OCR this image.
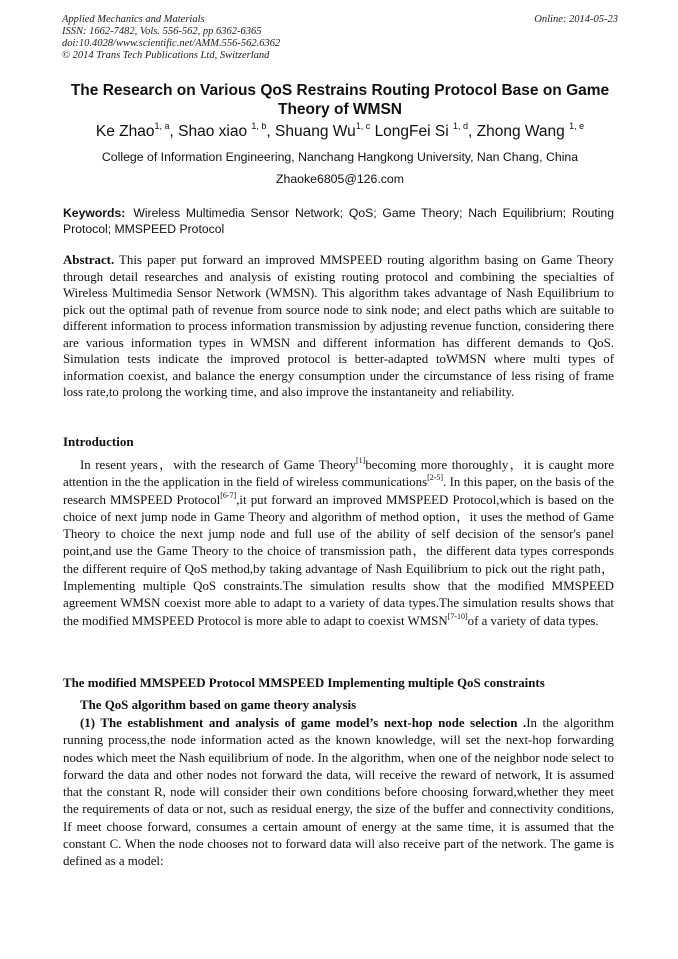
Applied Mechanics and Materials	Online: 2014-05-23
ISSN: 1662-7482, Vols. 556-562, pp 6362-6365
doi:10.4028/www.scientific.net/AMM.556-562.6362
© 2014 Trans Tech Publications Ltd, Switzerland
The Research on Various QoS Restrains Routing Protocol Base on Game Theory of WMSN
Ke Zhao$^{1, a}$, Shao xiao $^{1, b}$, Shuang Wu$^{1, c}$ LongFei Si $^{1, d}$, Zhong Wang $^{1, e}$
College of Information Engineering, Nanchang Hangkong University, Nan Chang, China
Zhaoke6805@126.com
Keywords: Wireless Multimedia Sensor Network; QoS; Game Theory; Nach Equilibrium; Routing Protocol; MMSPEED Protocol
Abstract. This paper put forward an improved MMSPEED routing algorithm basing on Game Theory through detail researches and analysis of existing routing protocol and combining the specialties of Wireless Multimedia Sensor Network (WMSN). This algorithm takes advantage of Nash Equilibrium to pick out the optimal path of revenue from source node to sink node; and elect paths which are suitable to different information to process information transmission by adjusting revenue function, considering there are various information types in WMSN and different information has different demands to QoS. Simulation tests indicate the improved protocol is better-adapted toWMSN where multi types of information coexist, and balance the energy consumption under the circumstance of less rising of frame loss rate,to prolong the working time, and also improve the instantaneity and reliability.
Introduction
In resent years，with the research of Game Theory[1]becoming more thoroughly，it is caught more attention in the the application in the field of wireless communications[2-5]. In this paper, on the basis of the research MMSPEED Protocol[6-7],it put forward an improved MMSPEED Protocol,which is based on the choice of next jump node in Game Theory and algorithm of method option，it uses the method of Game Theory to choice the next jump node and full use of the ability of self decision of the sensor's panel point,and use the Game Theory to the choice of transmission path，the different data types corresponds the different require of QoS method,by taking advantage of Nash Equilibrium to pick out the right path，Implementing multiple QoS constraints.The simulation results show that the modified MMSPEED agreement WMSN coexist more able to adapt to a variety of data types.The simulation results shows that the modified MMSPEED Protocol is more able to adapt to coexist WMSN[7-10]of a variety of data types.
The modified MMSPEED Protocol MMSPEED Implementing multiple QoS constraints
The QoS algorithm based on game theory analysis
(1) The establishment and analysis of game model’s next-hop node selection .In the algorithm running process,the node information acted as the known knowledge, will set the next-hop forwarding nodes which meet the Nash equilibrium of node. In the algorithm, when one of the neighbor node select to forward the data and other nodes not forward the data, will receive the reward of network, It is assumed that the constant R, node will consider their own conditions before choosing forward,whether they meet the requirements of data or not, such as residual energy, the size of the buffer and connectivity conditions, If meet choose forward, consumes a certain amount of energy at the same time, it is assumed that the constant C. When the node chooses not to forward data will also receive part of the network. The game is defined as a model:
